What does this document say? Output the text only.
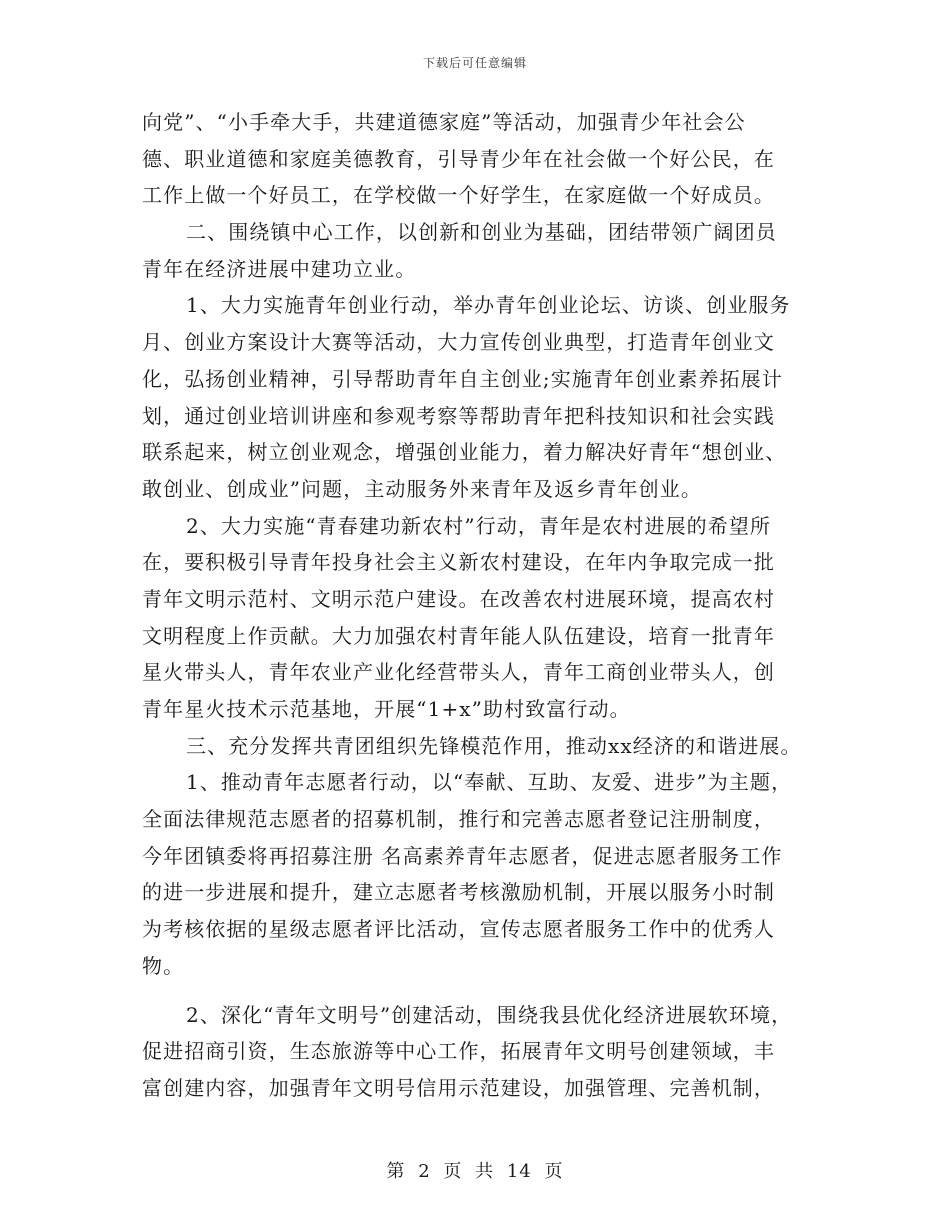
下载后可任意编辑
向党”、“小手牵大手，共建道德家庭”等活动，加强青少年社会公
德、职业道德和家庭美德教育，引导青少年在社会做一个好公民，在
工作上做一个好员工，在学校做一个好学生，在家庭做一个好成员。
二、围绕镇中心工作，以创新和创业为基础，团结带领广阔团员
青年在经济进展中建功立业。
1、大力实施青年创业行动，举办青年创业论坛、访谈、创业服务
月、创业方案设计大赛等活动，大力宣传创业典型，打造青年创业文
化，弘扬创业精神，引导帮助青年自主创业;实施青年创业素养拓展计
划，通过创业培训讲座和参观考察等帮助青年把科技知识和社会实践
联系起来，树立创业观念，增强创业能力，着力解决好青年“想创业、
敢创业、创成业”问题，主动服务外来青年及返乡青年创业。
2、大力实施“青春建功新农村”行动，青年是农村进展的希望所
在，要积极引导青年投身社会主义新农村建设，在年内争取完成一批
青年文明示范村、文明示范户建设。在改善农村进展环境，提高农村
文明程度上作贡献。大力加强农村青年能人队伍建设，培育一批青年
星火带头人，青年农业产业化经营带头人，青年工商创业带头人，创
青年星火技术示范基地，开展“1+x”助村致富行动。
三、充分发挥共青团组织先锋模范作用，推动xx经济的和谐进展。
1、推动青年志愿者行动，以“奉献、互助、友爱、进步”为主题，
全面法律规范志愿者的招募机制，推行和完善志愿者登记注册制度，
今年团镇委将再招募注册 名高素养青年志愿者，促进志愿者服务工作
的进一步进展和提升，建立志愿者考核激励机制，开展以服务小时制
为考核依据的星级志愿者评比活动，宣传志愿者服务工作中的优秀人
物。
2、深化“青年文明号”创建活动，围绕我县优化经济进展软环境，
促进招商引资，生态旅游等中心工作，拓展青年文明号创建领域，丰
富创建内容，加强青年文明号信用示范建设，加强管理、完善机制，
第 2 页 共 14 页
